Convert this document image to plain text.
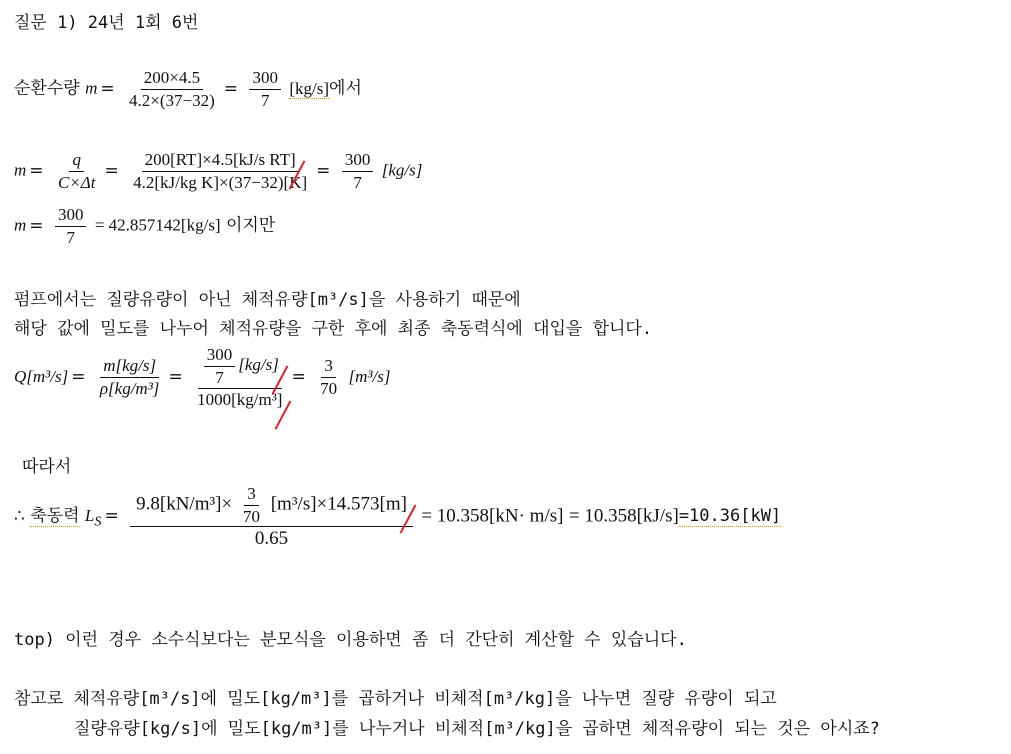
질문 1) 24년 1회 6번
순환수량 $m = \frac{200\times 4.5}{4.2\times(37-32)} = \frac{300}{7} [kg/s]$에서
$m = \frac{q}{C\times\Delta t} = \frac{\text{200[RT]×4.5[kJ/s RT]}}{\text{4.2[kJ/kg K]×(37−32)[K]}} = \frac{300}{7} [kg/s]$
$m = \frac{300}{7} = 42.857142[kg/s]$ 이지만
펌프에서는 질량유량이 아닌 체적유량[m³/s]을 사용하기 때문에
해당 값에 밀도를 나누어 체적유량을 구한 후에 최종 축동력식에 대입을 합니다.
$Q[m^3/s] = \frac{m[kg/s]}{\text{ρ[kg/m³]}} = \frac{\frac{300}{7} [kg/s]}{\text{1000[kg/m³]}} = \frac{3}{70} [m^3/s]$
따라서
∴ 축동력 $L_S$ =
$9.8[kN/m^3]\times \frac{3}{70} [m^3/s]\times 14.573[m]$
0.65
= 10.358[kN· m/s] = 10.358[kJ/s]=10.36[kW]
top) 이런 경우 소수식보다는 분모식을 이용하면 좀 더 간단히 계산할 수 있습니다.
참고로 체적유량[m³/s]에 밀도[kg/m³]를 곱하거나 비체적[m³/kg]을 나누면 질량 유량이 되고
질량유량[kg/s]에 밀도[kg/m³]를 나누거나 비체적[m³/kg]을 곱하면 체적유량이 되는 것은 아시죠?
